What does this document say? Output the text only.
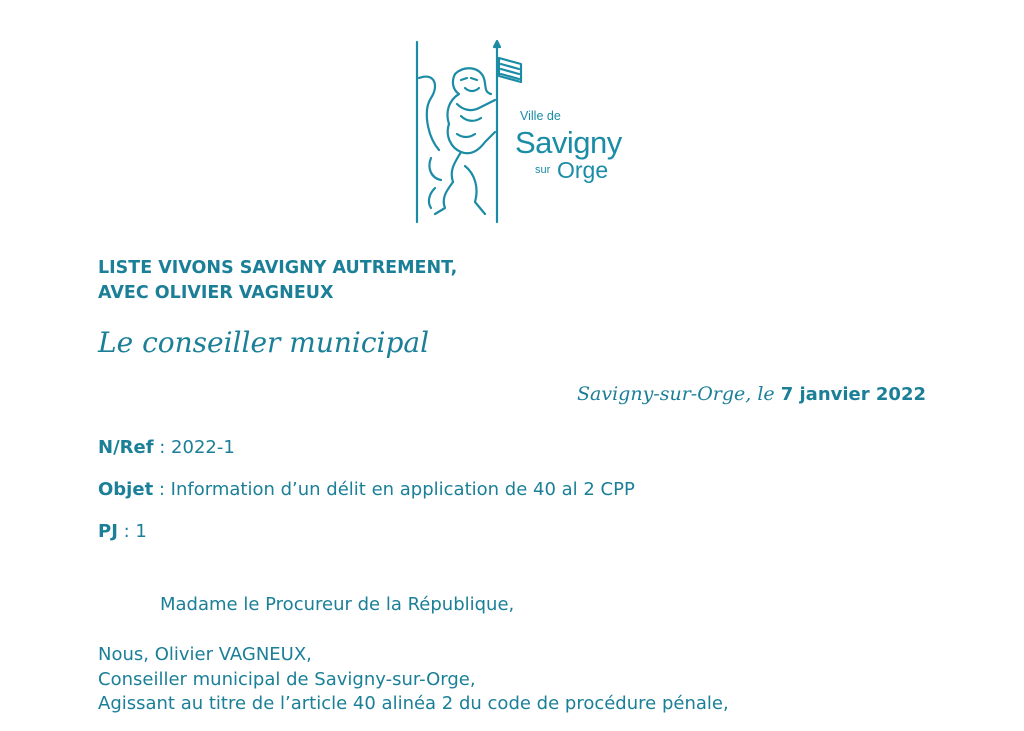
Ville de
Savigny
sur Orge
LISTE VIVONS SAVIGNY AUTREMENT,
AVEC OLIVIER VAGNEUX
Le conseiller municipal
Savigny-sur-Orge, le 7 janvier 2022
N/Ref : 2022-1
Objet : Information d’un délit en application de 40 al 2 CPP
PJ : 1
Madame le Procureur de la République,
Nous, Olivier VAGNEUX,
Conseiller municipal de Savigny-sur-Orge,
Agissant au titre de l’article 40 alinéa 2 du code de procédure pénale,
